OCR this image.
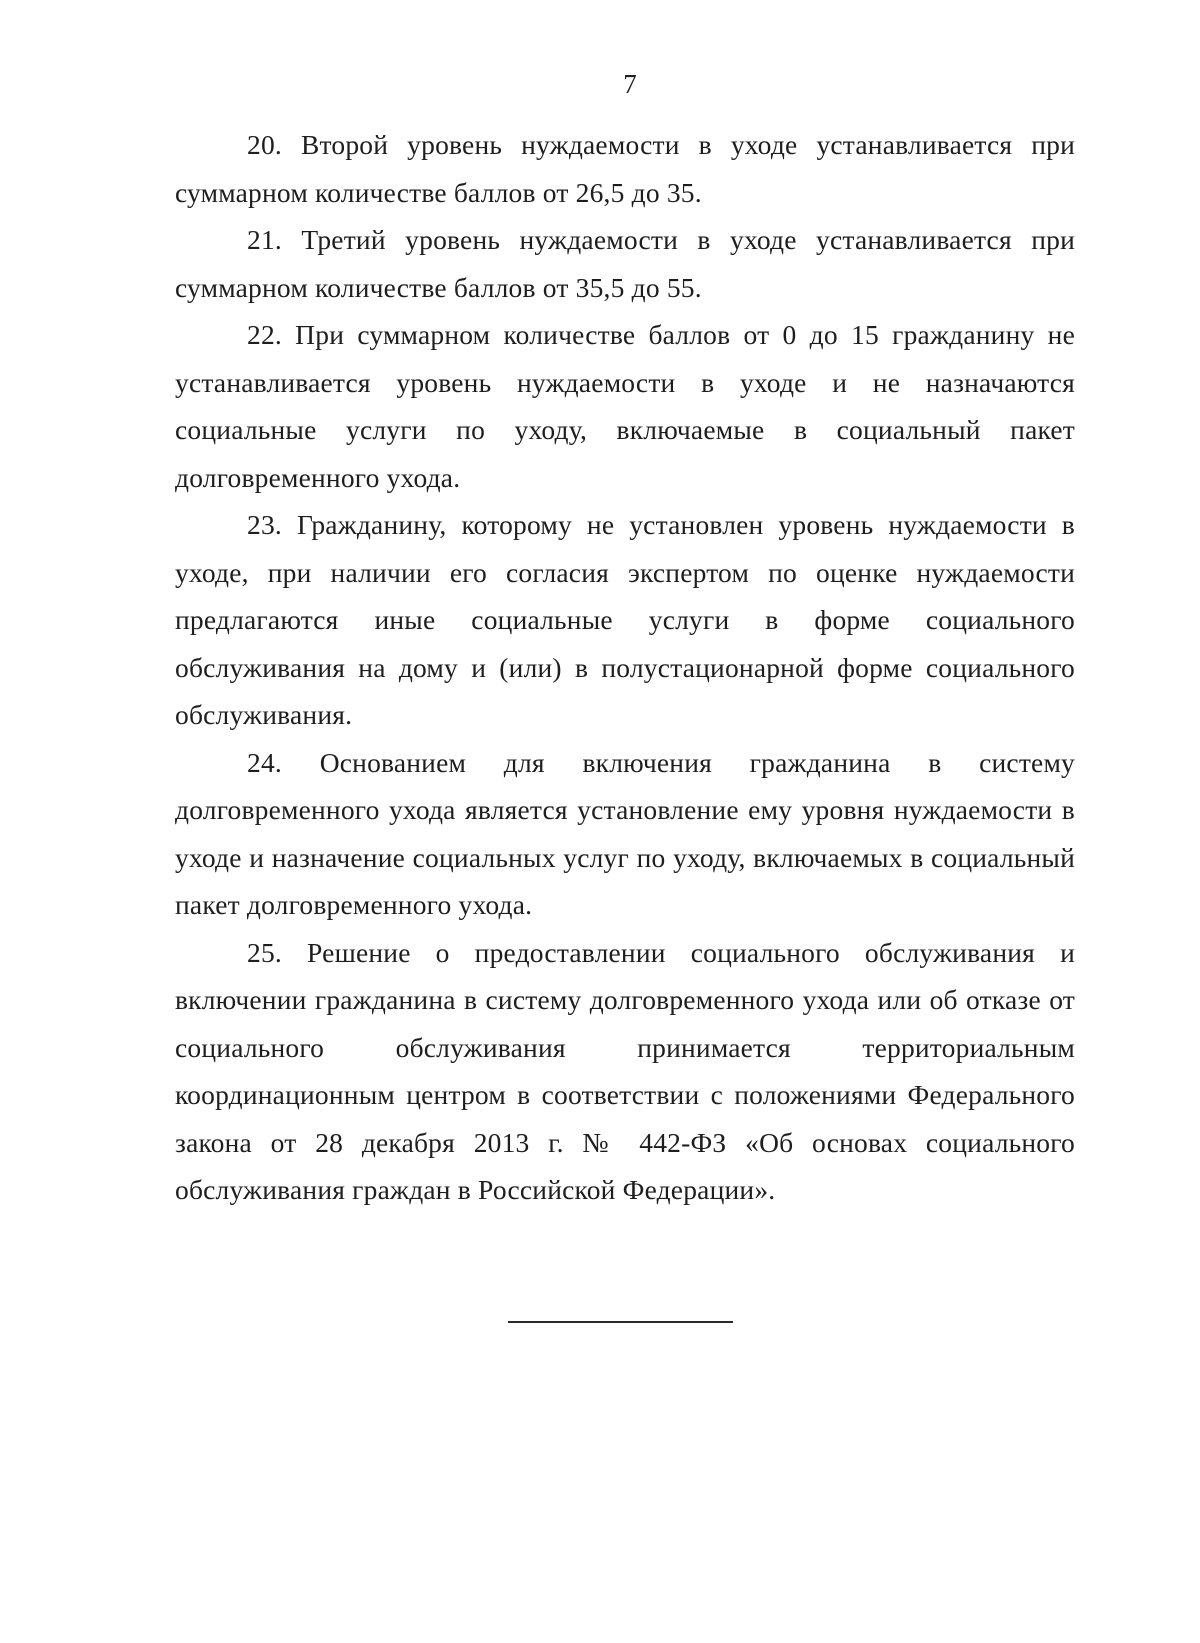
7

20. Второй уровень нуждаемости в уходе устанавливается при суммарном количестве баллов от 26,5 до 35.

21. Третий уровень нуждаемости в уходе устанавливается при суммарном количестве баллов от 35,5 до 55.

22. При суммарном количестве баллов от 0 до 15 гражданину не устанавливается уровень нуждаемости в уходе и не назначаются социальные услуги по уходу, включаемые в социальный пакет долговременного ухода.

23. Гражданину, которому не установлен уровень нуждаемости в уходе, при наличии его согласия экспертом по оценке нуждаемости предлагаются иные социальные услуги в форме социального обслуживания на дому и (или) в полустационарной форме социального обслуживания.

24. Основанием для включения гражданина в систему долговременного ухода является установление ему уровня нуждаемости в уходе и назначение социальных услуг по уходу, включаемых в социальный пакет долговременного ухода.

25. Решение о предоставлении социального обслуживания и включении гражданина в систему долговременного ухода или об отказе от социального обслуживания принимается территориальным координационным центром в соответствии с положениями Федерального закона от 28 декабря 2013 г. № 442-ФЗ «Об основах социального обслуживания граждан в Российской Федерации».
